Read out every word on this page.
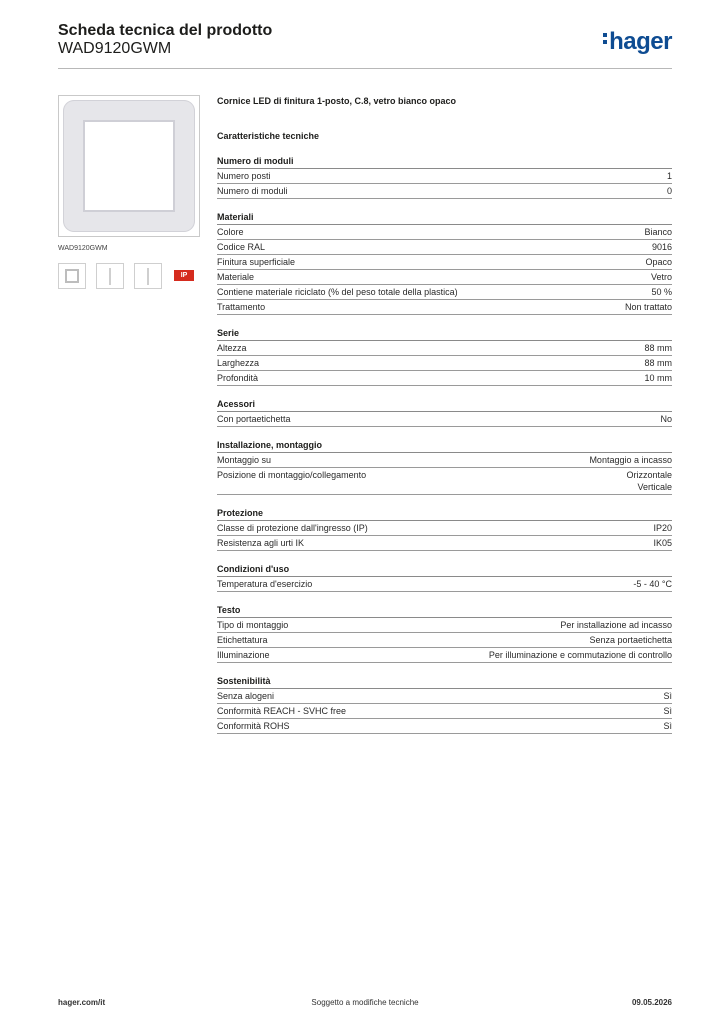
Scheda tecnica del prodotto
WAD9120GWM	hager
WAD9120GWM
IP
Cornice LED di finitura 1-posto, C.8, vetro bianco opaco
Caratteristiche tecniche
Numero di moduli
Numero posti	1
Numero di moduli	0
Materiali
Colore	Bianco
Codice RAL	9016
Finitura superficiale	Opaco
Materiale	Vetro
Contiene materiale riciclato (% del peso totale della plastica)	50 %
Trattamento	Non trattato
Serie
Altezza	88 mm
Larghezza	88 mm
Profondità	10 mm
Acessori
Con portaetichetta	No
Installazione, montaggio
Montaggio su	Montaggio a incasso
Posizione di montaggio/collegamento	Orizzontale
Verticale
Protezione
Classe di protezione dall'ingresso (IP)	IP20
Resistenza agli urti IK	IK05
Condizioni d'uso
Temperatura d'esercizio	-5 - 40 °C
Testo
Tipo di montaggio	Per installazione ad incasso
Etichettatura	Senza portaetichetta
Illuminazione	Per illuminazione e commutazione di controllo
Sostenibilità
Senza alogeni	Sì
Conformità REACH - SVHC free	Sì
Conformità ROHS	Sì
hager.com/it	Soggetto a modifiche tecniche	09.05.2026
